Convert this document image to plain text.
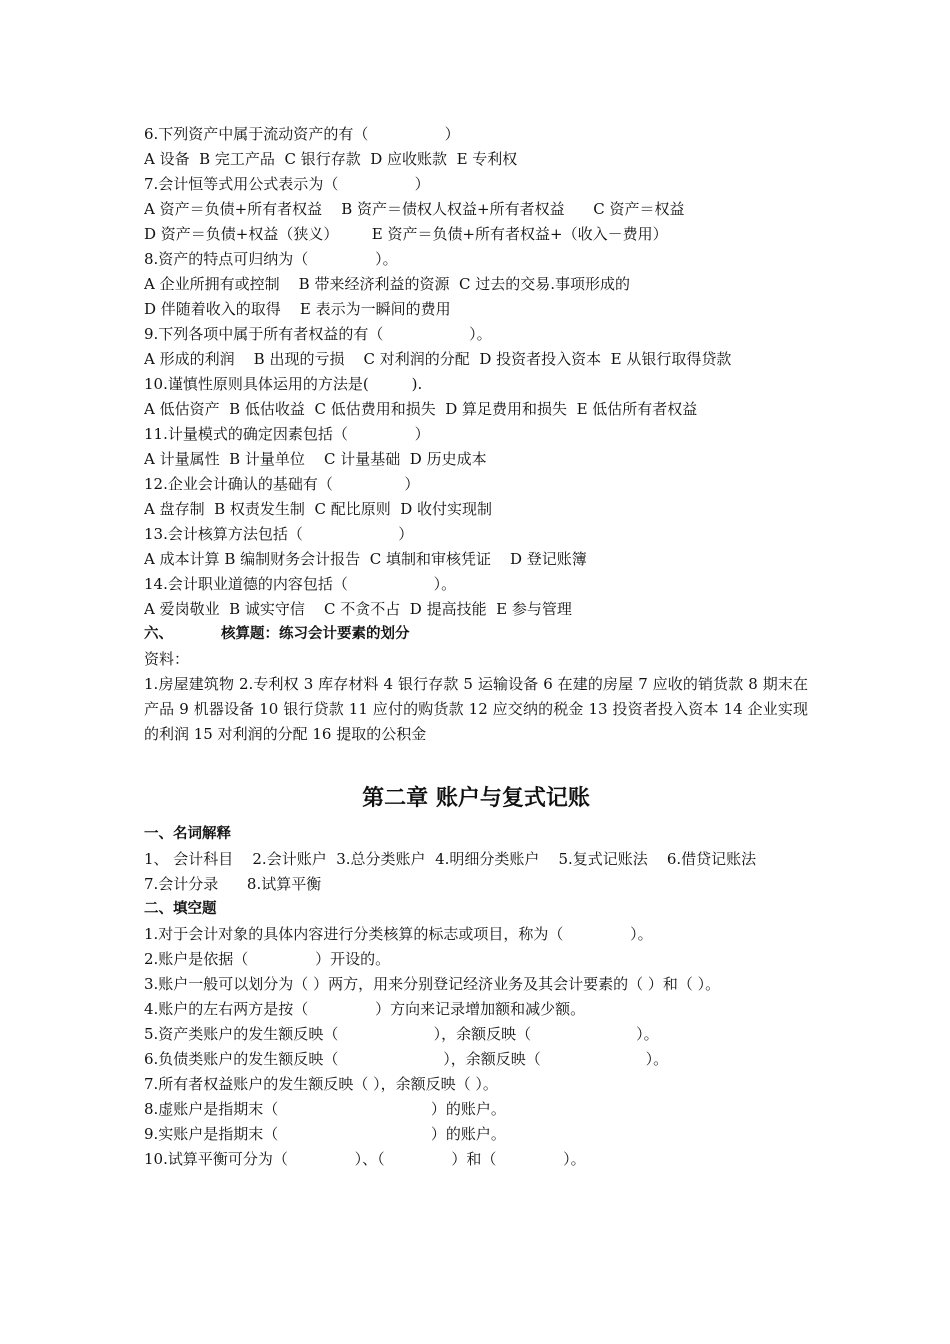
6.下列资产中属于流动资产的有（                ）
A 设备  B 完工产品  C 银行存款  D 应收账款  E 专利权
7.会计恒等式用公式表示为（                ）
A 资产＝负债+所有者权益    B 资产＝债权人权益+所有者权益      C 资产＝权益
D 资产＝负债+权益（狭义）       E 资产＝负债+所有者权益+（收入－费用）
8.资产的特点可归纳为（              ）。
A 企业所拥有或控制    B 带来经济利益的资源  C 过去的交易.事项形成的
D 伴随着收入的取得    E 表示为一瞬间的费用
9.下列各项中属于所有者权益的有（                  ）。
A 形成的利润    B 出现的亏损    C 对利润的分配  D 投资者投入资本  E 从银行取得贷款
10.谨慎性原则具体运用的方法是(         ).
A 低估资产  B 低估收益  C 低估费用和损失  D 算足费用和损失  E 低估所有者权益
11.计量模式的确定因素包括（              ）
A 计量属性  B 计量单位    C 计量基础  D 历史成本
12.企业会计确认的基础有（               ）
A 盘存制  B 权责发生制  C 配比原则  D 收付实现制
13.会计核算方法包括（                    ）
A 成本计算 B 编制财务会计报告  C 填制和审核凭证    D 登记账簿
14.会计职业道德的内容包括（                  ）。
A 爱岗敬业  B 诚实守信    C 不贪不占  D 提高技能  E 参与管理
六、	核算题：练习会计要素的划分
资料：
1.房屋建筑物 2.专利权 3 库存材料 4 银行存款 5 运输设备 6 在建的房屋 7 应收的销货款 8 期末在产品 9 机器设备 10 银行贷款 11 应付的购货款 12 应交纳的税金 13 投资者投入资本 14 企业实现的利润 15 对利润的分配 16 提取的公积金
第二章 账户与复式记账
一、名词解释
1、 会计科目    2.会计账户  3.总分类账户  4.明细分类账户    5.复式记账法    6.借贷记账法
7.会计分录      8.试算平衡
二、填空题
1.对于会计对象的具体内容进行分类核算的标志或项目，称为（              ）。
2.账户是依据（              ）开设的。
3.账户一般可以划分为（ ）两方，用来分别登记经济业务及其会计要素的（ ）和（ ）。
4.账户的左右两方是按（              ）方向来记录增加额和减少额。
5.资产类账户的发生额反映（                    ），余额反映（                      ）。
6.负债类账户的发生额反映（                      ），余额反映（                      ）。
7.所有者权益账户的发生额反映（ ），余额反映（ ）。
8.虚账户是指期末（                                ）的账户。
9.实账户是指期末（                                ）的账户。
10.试算平衡可分为（              ）、（              ）和（              ）。
